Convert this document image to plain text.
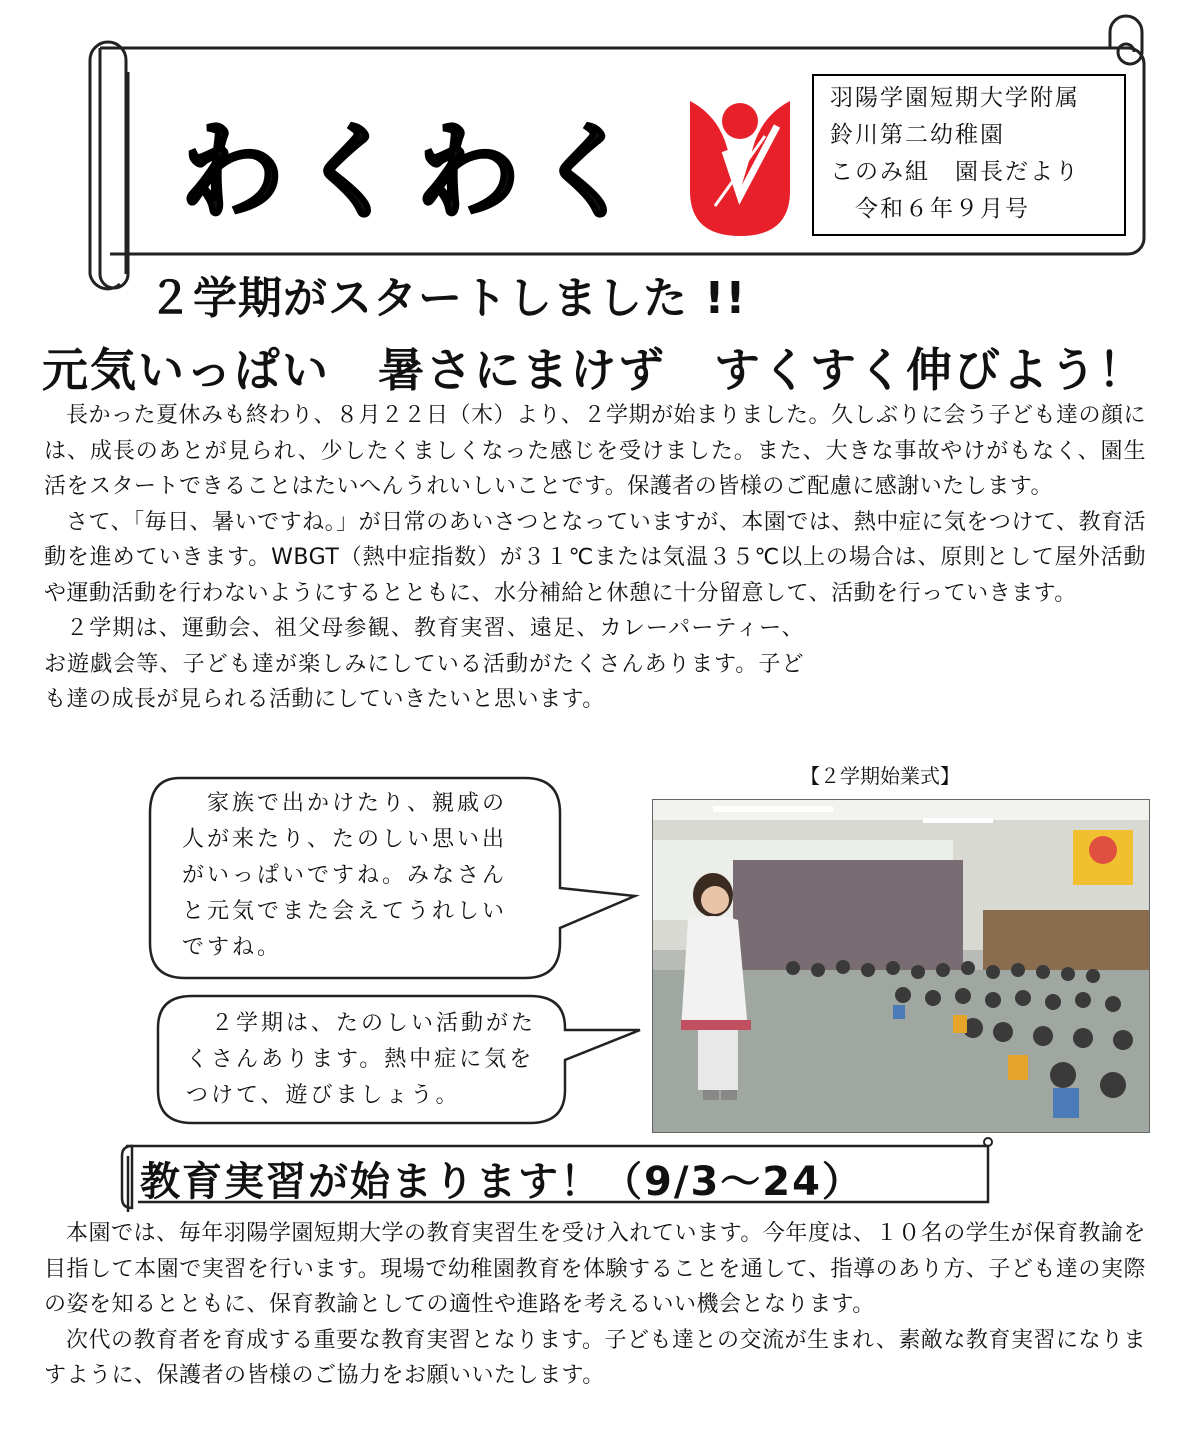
わくわく
羽陽学園短期大学附属
鈴川第二幼稚園
このみ組　園長だより
　令和６年９月号
２学期がスタートしました !!
元気いっぱい　暑さにまけず　すくすく伸びよう！

長かった夏休みも終わり、８月２２日（木）より、２学期が始まりました。久しぶりに会う子ども達の顔には、成長のあとが見られ、少したくましくなった感じを受けました。また、大きな事故やけがもなく、園生活をスタートできることはたいへんうれいしいことです。保護者の皆様のご配慮に感謝いたします。

さて、「毎日、暑いですね。」が日常のあいさつとなっていますが、本園では、熱中症に気をつけて、教育活動を進めていきます。WBGT（熱中症指数）が３１℃または気温３５℃以上の場合は、原則として屋外活動や運動活動を行わないようにするとともに、水分補給と休憩に十分留意して、活動を行っていきます。

２学期は、運動会、祖父母参観、教育実習、遠足、カレーパーティー、お遊戯会等、子ども達が楽しみにしている活動がたくさんあります。子ども達の成長が見られる活動にしていきたいと思います。

【２学期始業式】
　家族で出かけたり、親戚の
人が来たり、たのしい思い出
がいっぱいですね。みなさん
と元気でまた会えてうれしい
ですね。
　２学期は、たのしい活動がた
くさんあります。熱中症に気を
つけて、遊びましょう。
教育実習が始まります！（9/3～24）

本園では、毎年羽陽学園短期大学の教育実習生を受け入れています。今年度は、１０名の学生が保育教諭を目指して本園で実習を行います。現場で幼稚園教育を体験することを通して、指導のあり方、子ども達の実際の姿を知るとともに、保育教諭としての適性や進路を考えるいい機会となります。

次代の教育者を育成する重要な教育実習となります。子ども達との交流が生まれ、素敵な教育実習になりますように、保護者の皆様のご協力をお願いいたします。
